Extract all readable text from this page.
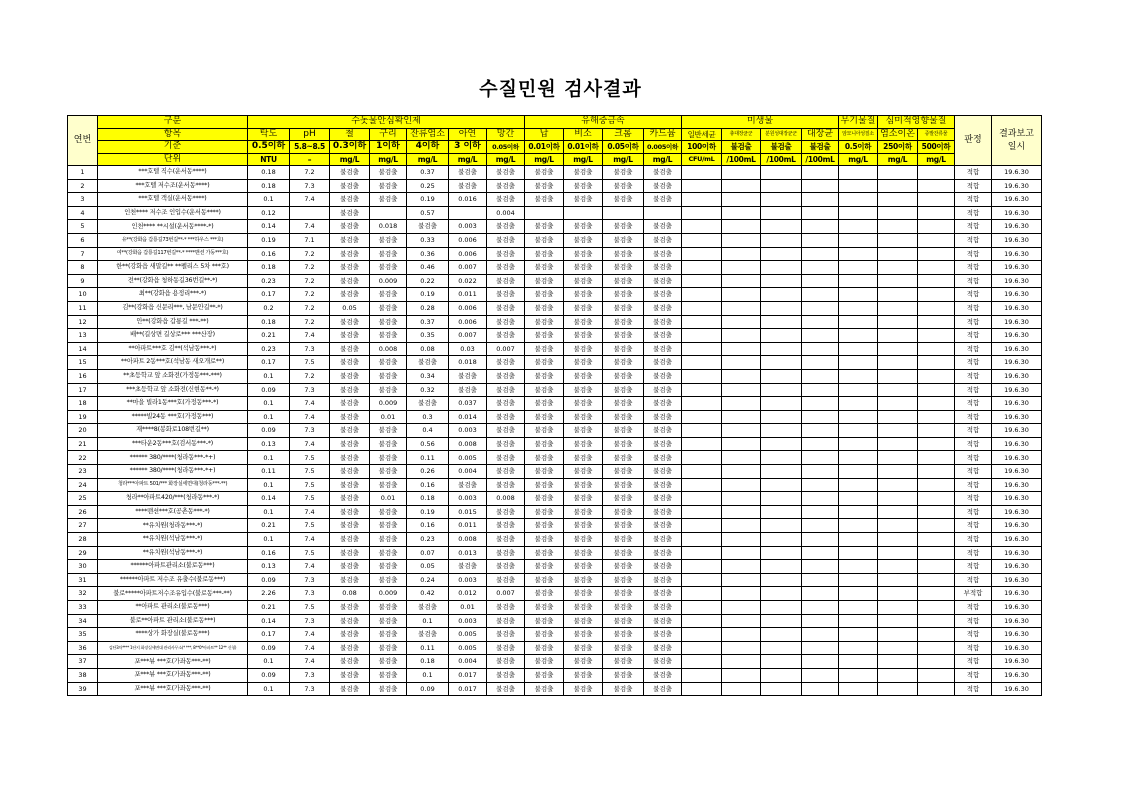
수질민원 검사결과
연번	구분	수돗물안심확인제							유해중금속				미생물				무기물질	심미적영향물질		판정	결과보고
일시

	항목	탁도	pH	철	구리	잔류염소	아연	망간	납	비소	크롬	카드뮴	일반세균	총대장균군	분원성대장균군	대장균	암모니아성질소	염소이온	증발잔류물		
	기준	0.5이하	5.8~8.5	0.3이하	1이하	4이하	3 이하	0.05이하	0.01이하	0.01이하	0.05이하	0.005이하	100이하	불검출	불검출	불검출	0.5이하	250이하	500이하		
	단위	NTU	–	mg/L	mg/L	mg/L	mg/L	mg/L	mg/L	mg/L	mg/L	mg/L	CFU/mL	/100mL	/100mL	/100mL	mg/L	mg/L	mg/L		
1	***호텔 직수(운서동****)	0.18	7.2	불검출	불검출	0.37	불검출	불검출	불검출	불검출	불검출	불검출								적합	19.6.30
2	***호텔 저수조(운서동****)	0.18	7.3	불검출	불검출	0.25	불검출	불검출	불검출	불검출	불검출	불검출								적합	19.6.30
3	***호텔 객실(운서동****)	0.1	7.4	불검출	불검출	0.19	0.016	불검출	불검출	불검출	불검출	불검출								적합	19.6.30
4	인천**** 저수조 인입수(운서동****)	0.12		불검출		0.57		0.004												적합	19.6.30
5	인천**** **시설(운서동****-*)	0.14	7.4	불검출	0.018	불검출	0.003	불검출	불검출	불검출	불검출	불검출								적합	19.6.30
6	유**(강화읍 갑룡길73번길**-* ***하우스 ***호)	0.19	7.1	불검출	불검출	0.33	0.006	불검출	불검출	불검출	불검출	불검출								적합	19.6.30
7	여**(강화읍 갑룡길117번길**-* ****맨션 가동***호)	0.16	7.2	불검출	불검출	0.36	0.006	불검출	불검출	불검출	불검출	불검출								적합	19.6.30
8	한**(강화읍 새말길** **펠리스 5차 ***호)	0.18	7.2	불검출	불검출	0.46	0.007	불검출	불검출	불검출	불검출	불검출								적합	19.6.30
9	전**(강화읍 청하동길36번길**-*)	0.23	7.2	불검출	0.009	0.22	0.022	불검출	불검출	불검출	불검출	불검출								적합	19.6.30
10	최**(강화읍 용정리***-*)	0.17	7.2	불검출	불검출	0.19	0.011	불검출	불검출	불검출	불검출	불검출								적합	19.6.30
11	김**(강화읍 신문리***, 남문안길**-*)	0.2	7.2	0.05	불검출	0.28	0.006	불검출	불검출	불검출	불검출	불검출								적합	19.6.30
12	안**(강화읍 갑룡길 ***-**)	0.18	7.2	불검출	불검출	0.37	0.006	불검출	불검출	불검출	불검출	불검출								적합	19.6.30
13	배**(길상면 길상로*** ***산장)	0.21	7.4	불검출	불검출	0.35	0.007	불검출	불검출	불검출	불검출	불검출								적합	19.6.30
14	**아파트***호 김**(석남동***-*)	0.23	7.3	불검출	0.008	0.08	0.03	0.007	불검출	불검출	불검출	불검출								적합	19.6.30
15	**아파트 2동***호(석남동 새오개로**)	0.17	7.5	불검출	불검출	불검출	0.018	불검출	불검출	불검출	불검출	불검출								적합	19.6.30
16	**초등학교 앞 소화전(가정동***-***)	0.1	7.2	불검출	불검출	0.34	불검출	불검출	불검출	불검출	불검출	불검출								적합	19.6.30
17	***초등학교 앞 소화전(신현동**-*)	0.09	7.3	불검출	불검출	0.32	불검출	불검출	불검출	불검출	불검출	불검출								적합	19.6.30
18	**마을 빌라1동***호(가정동***-*)	0.1	7.4	불검출	0.009	불검출	0.037	불검출	불검출	불검출	불검출	불검출								적합	19.6.30
19	*****빌24동 ***호(가정동***)	0.1	7.4	불검출	0.01	0.3	0.014	불검출	불검출	불검출	불검출	불검출								적합	19.6.30
20	재****8(봉화로108번길**)	0.09	7.3	불검출	불검출	0.4	0.003	불검출	불검출	불검출	불검출	불검출								적합	19.6.30
21	***타운2동***호(검서동***-*)	0.13	7.4	불검출	불검출	0.56	0.008	불검출	불검출	불검출	불검출	불검출								적합	19.6.30
22	****** 380/****(청라동***-*+)	0.1	7.5	불검출	불검출	0.11	0.005	불검출	불검출	불검출	불검출	불검출								적합	19.6.30
23	****** 380/****(청라동***-*+)	0.11	7.5	불검출	불검출	0.26	0.004	불검출	불검출	불검출	불검출	불검출								적합	19.6.30
24	청라***아파트 501/*** 화장실세면대(청라동***-**)	0.1	7.5	불검출	불검출	0.16	불검출	불검출	불검출	불검출	불검출	불검출								적합	19.6.30
25	청라**아파트420/***(청라동***-*)	0.14	7.5	불검출	0.01	0.18	0.003	0.008	불검출	불검출	불검출	불검출								적합	19.6.30
26	****맨션***호(공촌동***-*)	0.1	7.4	불검출	불검출	0.19	0.015	불검출	불검출	불검출	불검출	불검출								적합	19.6.30
27	**유치원(청라동***-*)	0.21	7.5	불검출	불검출	0.16	0.011	불검출	불검출	불검출	불검출	불검출								적합	19.6.30
28	**유치원(석남동***-*)	0.1	7.4	불검출	불검출	0.23	0.008	불검출	불검출	불검출	불검출	불검출								적합	19.6.30
29	**유치원(석남동***-*)	0.16	7.5	불검출	불검출	0.07	0.013	불검출	불검출	불검출	불검출	불검출								적합	19.6.30
30	******아파트관리소(불로동***)	0.13	7.4	불검출	불검출	0.05	불검출	불검출	불검출	불검출	불검출	불검출								적합	19.6.30
31	******아파트 저수조 유출수(불로동***)	0.09	7.3	불검출	불검출	0.24	0.003	불검출	불검출	불검출	불검출	불검출								적합	19.6.30
32	불로*****아파트저수조유입수(불로동***-**)	2.26	7.3	0.08	0.009	0.42	0.012	0.007	불검출	불검출	불검출	불검출								부적합	19.6.30
33	**아파트 관리소(불로동***)	0.21	7.5	불검출	불검출	불검출	0.01	불검출	불검출	불검출	불검출	불검출								적합	19.6.30
34	불로**아파트 관리소(불로동***)	0.14	7.3	불검출	불검출	0.1	0.003	불검출	불검출	불검출	불검출	불검출								적합	19.6.30
35	****상가 화장실(불로동***)	0.17	7.4	불검출	불검출	불검출	0.005	불검출	불검출	불검출	불검출	불검출								적합	19.6.30
36	검단3차**** 1단지 화장실세면대 관리사무소(* ***, 8**0*아파트** 12** 신청)	0.09	7.4	불검출	불검출	0.11	0.005	불검출	불검출	불검출	불검출	불검출								적합	19.6.30
37	포***뷰 ***호(가좌동***-**)	0.1	7.4	불검출	불검출	0.18	0.004	불검출	불검출	불검출	불검출	불검출								적합	19.6.30
38	포***뷰 ***호(가좌동***-**)	0.09	7.3	불검출	불검출	0.1	0.017	불검출	불검출	불검출	불검출	불검출								적합	19.6.30
39	포***뷰 ***호(가좌동***-**)	0.1	7.3	불검출	불검출	0.09	0.017	불검출	불검출	불검출	불검출	불검출								적합	19.6.30
